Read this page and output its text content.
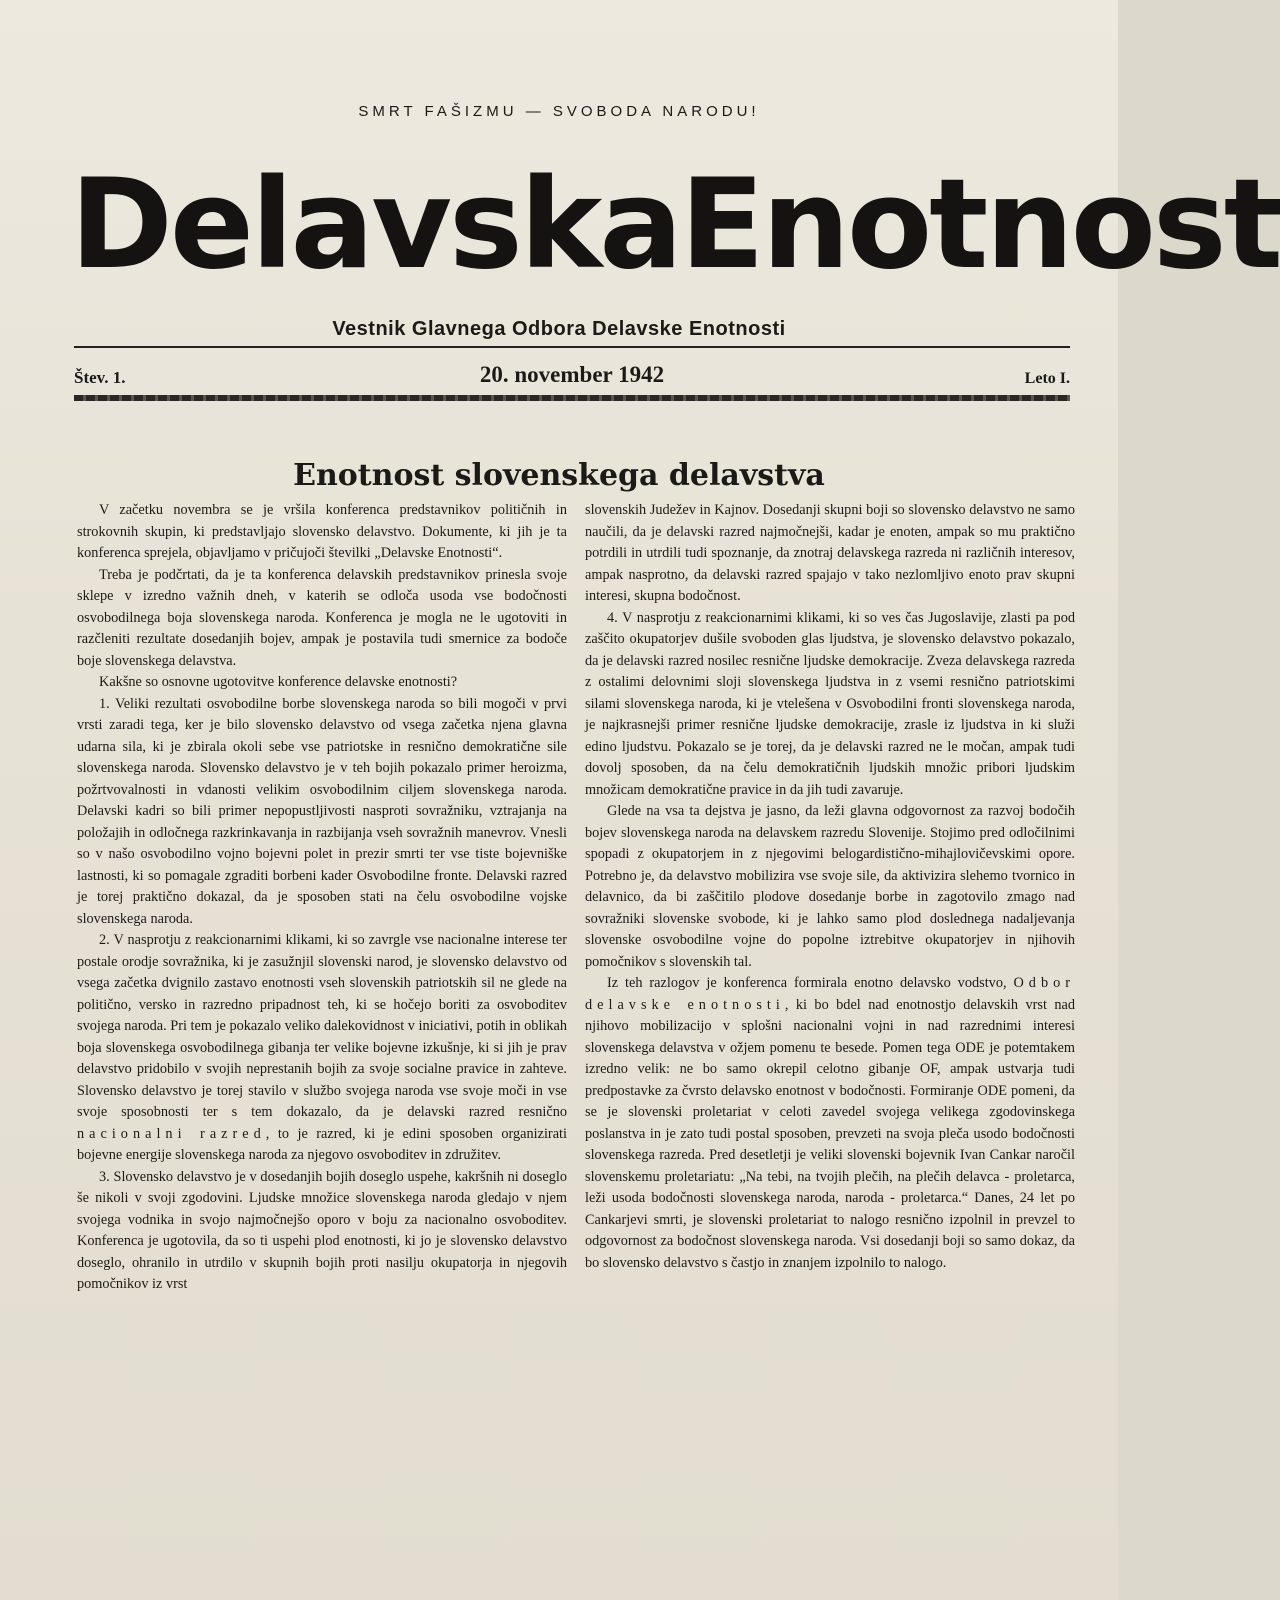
SMRT FAŠIZMU — SVOBODA NARODU!
Delavska Enotnost
Vestnik Glavnega Odbora Delavske Enotnosti
Štev. 1.	20. november 1942	Leto I.
Enotnost slovenskega delavstva

V začetku novembra se je vršila konferenca predstavnikov političnih in strokovnih skupin, ki predstavljajo slovensko delavstvo. Dokumente, ki jih je ta konferenca sprejela, objavljamo v pričujoči številki „Delavske Enotnosti“.

Treba je podčrtati, da je ta konferenca delavskih predstavnikov prinesla svoje sklepe v izredno važnih dneh, v katerih se odloča usoda vse bodočnosti osvobodilnega boja slovenskega naroda. Konferenca je mogla ne le ugotoviti in razčleniti rezultate dosedanjih bojev, ampak je postavila tudi smernice za bodoče boje slovenskega delavstva.

Kakšne so osnovne ugotovitve konference delavske enotnosti?

1. Veliki rezultati osvobodilne borbe slovenskega naroda so bili mogoči v prvi vrsti zaradi tega, ker je bilo slovensko delavstvo od vsega začetka njena glavna udarna sila, ki je zbirala okoli sebe vse patriotske in resnično demokratične sile slovenskega naroda. Slovensko delavstvo je v teh bojih pokazalo primer heroizma, požrtvovalnosti in vdanosti velikim osvobodilnim ciljem slovenskega naroda. Delavski kadri so bili primer nepopustljivosti nasproti sovražniku, vztrajanja na položajih in odločnega razkrinkavanja in razbijanja vseh sovražnih manevrov. Vnesli so v našo osvobodilno vojno bojevni polet in prezir smrti ter vse tiste bojevniške lastnosti, ki so pomagale zgraditi borbeni kader Osvobodilne fronte. Delavski razred je torej praktično dokazal, da je sposoben stati na čelu osvobodilne vojske slovenskega naroda.

2. V nasprotju z reakcionarnimi klikami, ki so zavrgle vse nacionalne interese ter postale orodje sovražnika, ki je zasužnjil slovenski narod, je slovensko delavstvo od vsega začetka dvignilo zastavo enotnosti vseh slovenskih patriotskih sil ne glede na politično, versko in razredno pripadnost teh, ki se hočejo boriti za osvoboditev svojega naroda. Pri tem je pokazalo veliko dalekovidnost v iniciativi, potih in oblikah boja slovenskega osvobodilnega gibanja ter velike bojevne izkušnje, ki si jih je prav delavstvo pridobilo v svojih neprestanih bojih za svoje socialne pravice in zahteve. Slovensko delavstvo je torej stavilo v službo svojega naroda vse svoje moči in vse svoje sposobnosti ter s tem dokazalo, da je delavski razred resnično nacionalni razred, to je razred, ki je edini sposoben organizirati bojevne energije slovenskega naroda za njegovo osvoboditev in združitev.

3. Slovensko delavstvo je v dosedanjih bojih doseglo uspehe, kakršnih ni doseglo še nikoli v svoji zgodovini. Ljudske množice slovenskega naroda gledajo v njem svojega vodnika in svojo najmočnejšo oporo v boju za nacionalno osvoboditev. Konferenca je ugotovila, da so ti uspehi plod enotnosti, ki jo je slovensko delavstvo doseglo, ohranilo in utrdilo v skupnih bojih proti nasilju okupatorja in njegovih pomočnikov iz vrst

slovenskih Judežev in Kajnov. Dosedanji skupni boji so slovensko delavstvo ne samo naučili, da je delavski razred najmočnejši, kadar je enoten, ampak so mu praktično potrdili in utrdili tudi spoznanje, da znotraj delavskega razreda ni različnih interesov, ampak nasprotno, da delavski razred spajajo v tako nezlomljivo enoto prav skupni interesi, skupna bodočnost.

4. V nasprotju z reakcionarnimi klikami, ki so ves čas Jugoslavije, zlasti pa pod zaščito okupatorjev dušile svoboden glas ljudstva, je slovensko delavstvo pokazalo, da je delavski razred nosilec resnične ljudske demokracije. Zveza delavskega razreda z ostalimi delovnimi sloji slovenskega ljudstva in z vsemi resnično patriotskimi silami slovenskega naroda, ki je vtelešena v Osvobodilni fronti slovenskega naroda, je najkrasnejši primer resnične ljudske demokracije, zrasle iz ljudstva in ki služi edino ljudstvu. Pokazalo se je torej, da je delavski razred ne le močan, ampak tudi dovolj sposoben, da na čelu demokratičnih ljudskih množic pribori ljudskim množicam demokratične pravice in da jih tudi zavaruje.

Glede na vsa ta dejstva je jasno, da leži glavna odgovornost za razvoj bodočih bojev slovenskega naroda na delavskem razredu Slovenije. Stojimo pred odločilnimi spopadi z okupatorjem in z njegovimi belogardistično-mihajlovičevskimi opore. Potrebno je, da delavstvo mobilizira vse svoje sile, da aktivizira slehemo tvornico in delavnico, da bi zaščitilo plodove dosedanje borbe in zagotovilo zmago nad sovražniki slovenske svobode, ki je lahko samo plod doslednega nadaljevanja slovenske osvobodilne vojne do popolne iztrebitve okupatorjev in njihovih pomočnikov s slovenskih tal.

Iz teh razlogov je konferenca formirala enotno delavsko vodstvo, Odbor delavske enotnosti, ki bo bdel nad enotnostjo delavskih vrst nad njihovo mobilizacijo v splošni nacionalni vojni in nad razrednimi interesi slovenskega delavstva v ožjem pomenu te besede. Pomen tega ODE je potemtakem izredno velik: ne bo samo okrepil celotno gibanje OF, ampak ustvarja tudi predpostavke za čvrsto delavsko enotnost v bodočnosti. Formiranje ODE pomeni, da se je slovenski proletariat v celoti zavedel svojega velikega zgodovinskega poslanstva in je zato tudi postal sposoben, prevzeti na svoja pleča usodo bodočnosti slovenskega razreda. Pred desetletji je veliki slovenski bojevnik Ivan Cankar naročil slovenskemu proletariatu: „Na tebi, na tvojih plečih, na plečih delavca - proletarca, leži usoda bodočnosti slovenskega naroda, naroda - proletarca.“ Danes, 24 let po Cankarjevi smrti, je slovenski proletariat to nalogo resnično izpolnil in prevzel to odgovornost za bodočnost slovenskega naroda. Vsi dosedanji boji so samo dokaz, da bo slovensko delavstvo s častjo in znanjem izpolnilo to nalogo.
